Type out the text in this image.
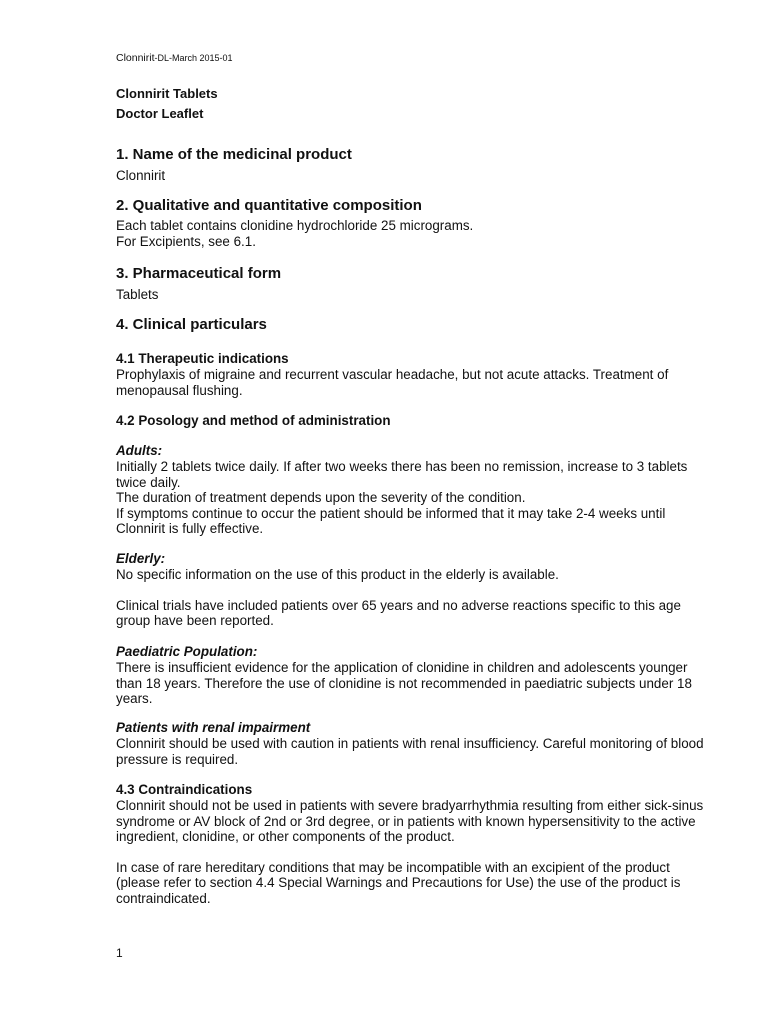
Clonnirit-DL-March 2015-01
Clonnirit Tablets
Doctor Leaflet
1. Name of the medicinal product

Clonnirit

2. Qualitative and quantitative composition

Each tablet contains clonidine hydrochloride 25 micrograms.

For Excipients, see 6.1.

3. Pharmaceutical form

Tablets

4. Clinical particulars
4.1 Therapeutic indications

Prophylaxis of migraine and recurrent vascular headache, but not acute attacks. Treatment of menopausal flushing.

4.2 Posology and method of administration
Adults:

Initially 2 tablets twice daily. If after two weeks there has been no remission, increase to 3 tablets twice daily.

The duration of treatment depends upon the severity of the condition.

If symptoms continue to occur the patient should be informed that it may take 2-4 weeks until Clonnirit is fully effective.

Elderly:

No specific information on the use of this product in the elderly is available.

Clinical trials have included patients over 65 years and no adverse reactions specific to this age group have been reported.

Paediatric Population:

There is insufficient evidence for the application of clonidine in children and adolescents younger than 18 years. Therefore the use of clonidine is not recommended in paediatric subjects under 18 years.

Patients with renal impairment

Clonnirit should be used with caution in patients with renal insufficiency. Careful monitoring of blood pressure is required.

4.3 Contraindications

Clonnirit should not be used in patients with severe bradyarrhythmia resulting from either sick-sinus syndrome or AV block of 2nd or 3rd degree, or in patients with known hypersensitivity to the active ingredient, clonidine, or other components of the product.

In case of rare hereditary conditions that may be incompatible with an excipient of the product (please refer to section 4.4 Special Warnings and Precautions for Use) the use of the product is contraindicated.

1
